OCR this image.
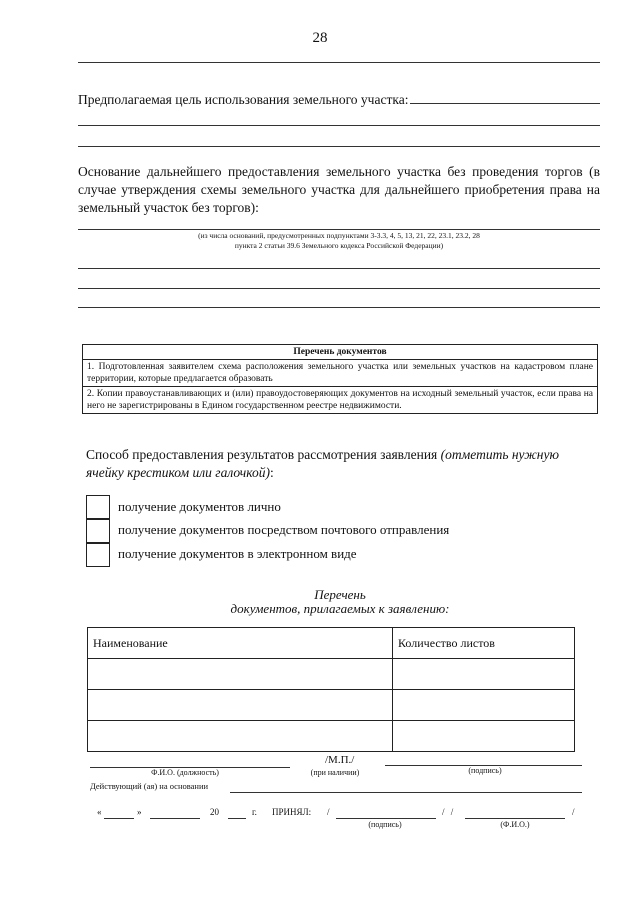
28
Предполагаемая цель использования земельного участка:
Основание дальнейшего предоставления земельного участка без проведения торгов (в случае утверждения схемы земельного участка для дальнейшего приобретения права на земельный участок без торгов):
(из числа оснований, предусмотренных подпунктами 3-3.3, 4, 5, 13, 21, 22, 23.1, 23.2, 28
пункта 2 статьи 39.6 Земельного кодекса Российской Федерации)
Перечень документов
1. Подготовленная заявителем схема расположения земельного участка или земельных участков на кадастровом плане территории, которые предлагается образовать
2. Копии правоустанавливающих и (или) правоудостоверяющих документов на исходный земельный участок, если права на него не зарегистрированы в Едином государственном реестре недвижимости.
Способ предоставления результатов рассмотрения заявления (отметить нужную ячейку крестиком или галочкой):
получение документов лично
получение документов посредством почтового отправления
получение документов в электронном виде
Перечень
документов, прилагаемых к заявлению:
Наименование	Количество листов

/М.П./
Ф.И.О. (должность)	(при наличии)	(подпись)
Действующий (ая) на основании
«	»	20	г. ПРИНЯЛ: /	/ /	/
(подпись)	(Ф.И.О.)
